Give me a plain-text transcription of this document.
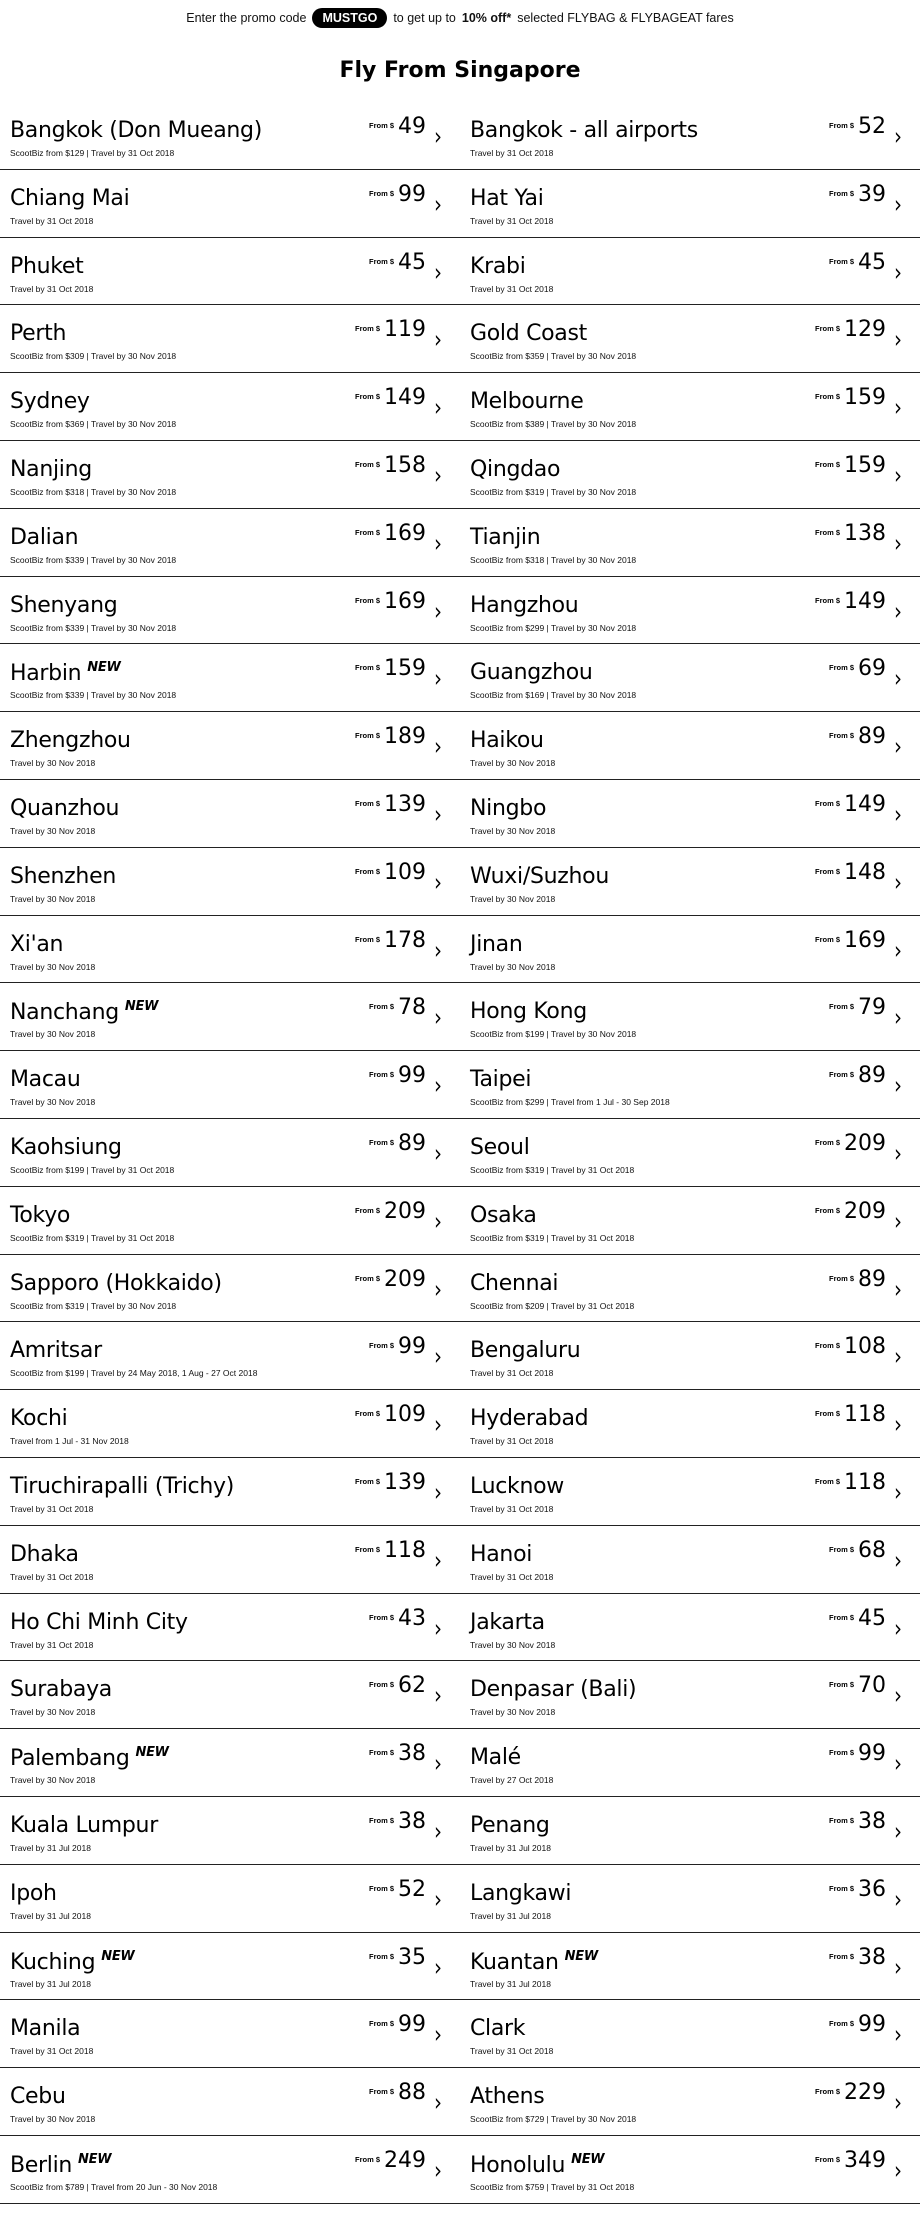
Enter the promo code	MUSTGO	to get up to 10% off* selected FLYBAG & FLYBAGEAT fares
Fly From Singapore
Bangkok (Don Mueang)
ScootBiz from $129 | Travel by 31 Oct 2018
From $ 49 › Bangkok - all airports
Travel by 31 Oct 2018
From $ 52 ›
Chiang Mai
Travel by 31 Oct 2018
From $ 99 › Hat Yai
Travel by 31 Oct 2018
From $ 39 ›
Phuket
Travel by 31 Oct 2018
From $ 45 › Krabi
Travel by 31 Oct 2018
From $ 45 ›
Perth
ScootBiz from $309 | Travel by 30 Nov 2018
From $ 119 › Gold Coast
ScootBiz from $359 | Travel by 30 Nov 2018
From $ 129 ›
Sydney
ScootBiz from $369 | Travel by 30 Nov 2018
From $ 149 › Melbourne
ScootBiz from $389 | Travel by 30 Nov 2018
From $ 159 ›
Nanjing
ScootBiz from $318 | Travel by 30 Nov 2018
From $ 158 › Qingdao
ScootBiz from $319 | Travel by 30 Nov 2018
From $ 159 ›
Dalian
ScootBiz from $339 | Travel by 30 Nov 2018
From $ 169 › Tianjin
ScootBiz from $318 | Travel by 30 Nov 2018
From $ 138 ›
Shenyang
ScootBiz from $339 | Travel by 30 Nov 2018
From $ 169 › Hangzhou
ScootBiz from $299 | Travel by 30 Nov 2018
From $ 149 ›
Harbin $^{NEW}$
ScootBiz from $339 | Travel by 30 Nov 2018
From $ 159 › Guangzhou
ScootBiz from $169 | Travel by 30 Nov 2018
From $ 69 ›
Zhengzhou
Travel by 30 Nov 2018
From $ 189 › Haikou
Travel by 30 Nov 2018
From $ 89 ›
Quanzhou
Travel by 30 Nov 2018
From $ 139 › Ningbo
Travel by 30 Nov 2018
From $ 149 ›
Shenzhen
Travel by 30 Nov 2018
From $ 109 › Wuxi/Suzhou
Travel by 30 Nov 2018
From $ 148 ›
Xi'an
Travel by 30 Nov 2018
From $ 178 › Jinan
Travel by 30 Nov 2018
From $ 169 ›
Nanchang $^{NEW}$
Travel by 30 Nov 2018
From $ 78 › Hong Kong
ScootBiz from $199 | Travel by 30 Nov 2018
From $ 79 ›
Macau
Travel by 30 Nov 2018
From $ 99 › Taipei
ScootBiz from $299 | Travel from 1 Jul - 30 Sep 2018
From $ 89 ›
Kaohsiung
ScootBiz from $199 | Travel by 31 Oct 2018
From $ 89 › Seoul
ScootBiz from $319 | Travel by 31 Oct 2018
From $ 209 ›
Tokyo
ScootBiz from $319 | Travel by 31 Oct 2018
From $ 209 › Osaka
ScootBiz from $319 | Travel by 31 Oct 2018
From $ 209 ›
Sapporo (Hokkaido)
ScootBiz from $319 | Travel by 30 Nov 2018
From $ 209 › Chennai
ScootBiz from $209 | Travel by 31 Oct 2018
From $ 89 ›
Amritsar
ScootBiz from $199 | Travel by 24 May 2018, 1 Aug - 27 Oct 2018
From $ 99 › Bengaluru
Travel by 31 Oct 2018
From $ 108 ›
Kochi
Travel from 1 Jul - 31 Nov 2018
From $ 109 › Hyderabad
Travel by 31 Oct 2018
From $ 118 ›
Tiruchirapalli (Trichy)
Travel by 31 Oct 2018
From $ 139 › Lucknow
Travel by 31 Oct 2018
From $ 118 ›
Dhaka
Travel by 31 Oct 2018
From $ 118 › Hanoi
Travel by 31 Oct 2018
From $ 68 ›
Ho Chi Minh City
Travel by 31 Oct 2018
From $ 43 › Jakarta
Travel by 30 Nov 2018
From $ 45 ›
Surabaya
Travel by 30 Nov 2018
From $ 62 › Denpasar (Bali)
Travel by 30 Nov 2018
From $ 70 ›
Palembang $^{NEW}$
Travel by 30 Nov 2018
From $ 38 › Malé
Travel by 27 Oct 2018
From $ 99 ›
Kuala Lumpur
Travel by 31 Jul 2018
From $ 38 › Penang
Travel by 31 Jul 2018
From $ 38 ›
Ipoh
Travel by 31 Jul 2018
From $ 52 › Langkawi
Travel by 31 Jul 2018
From $ 36 ›
Kuching $^{NEW}$
Travel by 31 Jul 2018
From $ 35 › Kuantan $^{NEW}$
Travel by 31 Jul 2018
From $ 38 ›
Manila
Travel by 31 Oct 2018
From $ 99 › Clark
Travel by 31 Oct 2018
From $ 99 ›
Cebu
Travel by 30 Nov 2018
From $ 88 › Athens
ScootBiz from $729 | Travel by 30 Nov 2018
From $ 229 ›
Berlin $^{NEW}$
ScootBiz from $789 | Travel from 20 Jun - 30 Nov 2018
From $ 249 › Honolulu $^{NEW}$
ScootBiz from $759 | Travel by 31 Oct 2018
From $ 349 ›
